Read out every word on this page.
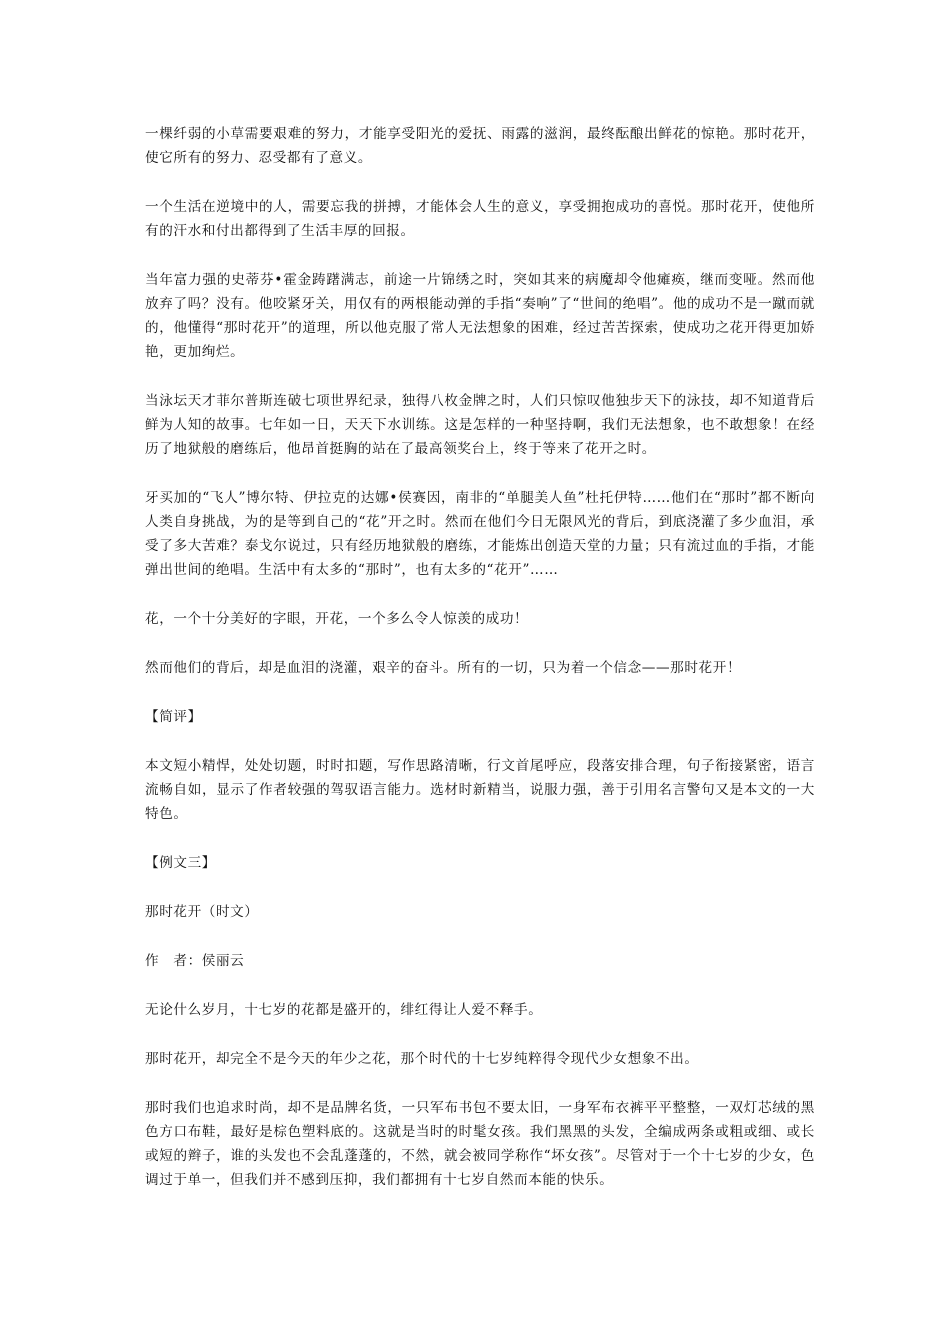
一棵纤弱的小草需要艰难的努力，才能享受阳光的爱抚、雨露的滋润，最终酝酿出鲜花的惊艳。那时花开，使它所有的努力、忍受都有了意义。

一个生活在逆境中的人，需要忘我的拼搏，才能体会人生的意义，享受拥抱成功的喜悦。那时花开，使他所有的汗水和付出都得到了生活丰厚的回报。

当年富力强的史蒂芬•霍金踌躇满志，前途一片锦绣之时，突如其来的病魔却令他瘫痪，继而变哑。然而他放弃了吗？没有。他咬紧牙关，用仅有的两根能动弹的手指“奏响”了“世间的绝唱”。他的成功不是一蹴而就的，他懂得“那时花开”的道理，所以他克服了常人无法想象的困难，经过苦苦探索，使成功之花开得更加娇艳，更加绚烂。

当泳坛天才菲尔普斯连破七项世界纪录，独得八枚金牌之时，人们只惊叹他独步天下的泳技，却不知道背后鲜为人知的故事。七年如一日，天天下水训练。这是怎样的一种坚持啊，我们无法想象，也不敢想象！在经历了地狱般的磨练后，他昂首挺胸的站在了最高领奖台上，终于等来了花开之时。

牙买加的“飞人”博尔特、伊拉克的达娜•侯赛因，南非的“单腿美人鱼”杜托伊特……他们在“那时”都不断向人类自身挑战，为的是等到自己的“花”开之时。然而在他们今日无限风光的背后，到底浇灌了多少血泪，承受了多大苦难？泰戈尔说过，只有经历地狱般的磨练，才能炼出创造天堂的力量；只有流过血的手指，才能弹出世间的绝唱。生活中有太多的“那时”，也有太多的“花开”……

花，一个十分美好的字眼，开花，一个多么令人惊羡的成功！

然而他们的背后，却是血泪的浇灌，艰辛的奋斗。所有的一切，只为着一个信念——那时花开！

【简评】

本文短小精悍，处处切题，时时扣题，写作思路清晰，行文首尾呼应，段落安排合理，句子衔接紧密，语言流畅自如，显示了作者较强的驾驭语言能力。选材时新精当，说服力强，善于引用名言警句又是本文的一大特色。

【例文三】

那时花开（时文）

作　者：侯丽云

无论什么岁月，十七岁的花都是盛开的，绯红得让人爱不释手。

那时花开，却完全不是今天的年少之花，那个时代的十七岁纯粹得令现代少女想象不出。

那时我们也追求时尚，却不是品牌名货，一只军布书包不要太旧，一身军布衣裤平平整整，一双灯芯绒的黑色方口布鞋，最好是棕色塑料底的。这就是当时的时髦女孩。我们黑黑的头发，全编成两条或粗或细、或长或短的辫子，谁的头发也不会乱蓬蓬的，不然，就会被同学称作“坏女孩”。尽管对于一个十七岁的少女，色调过于单一，但我们并不感到压抑，我们都拥有十七岁自然而本能的快乐。
